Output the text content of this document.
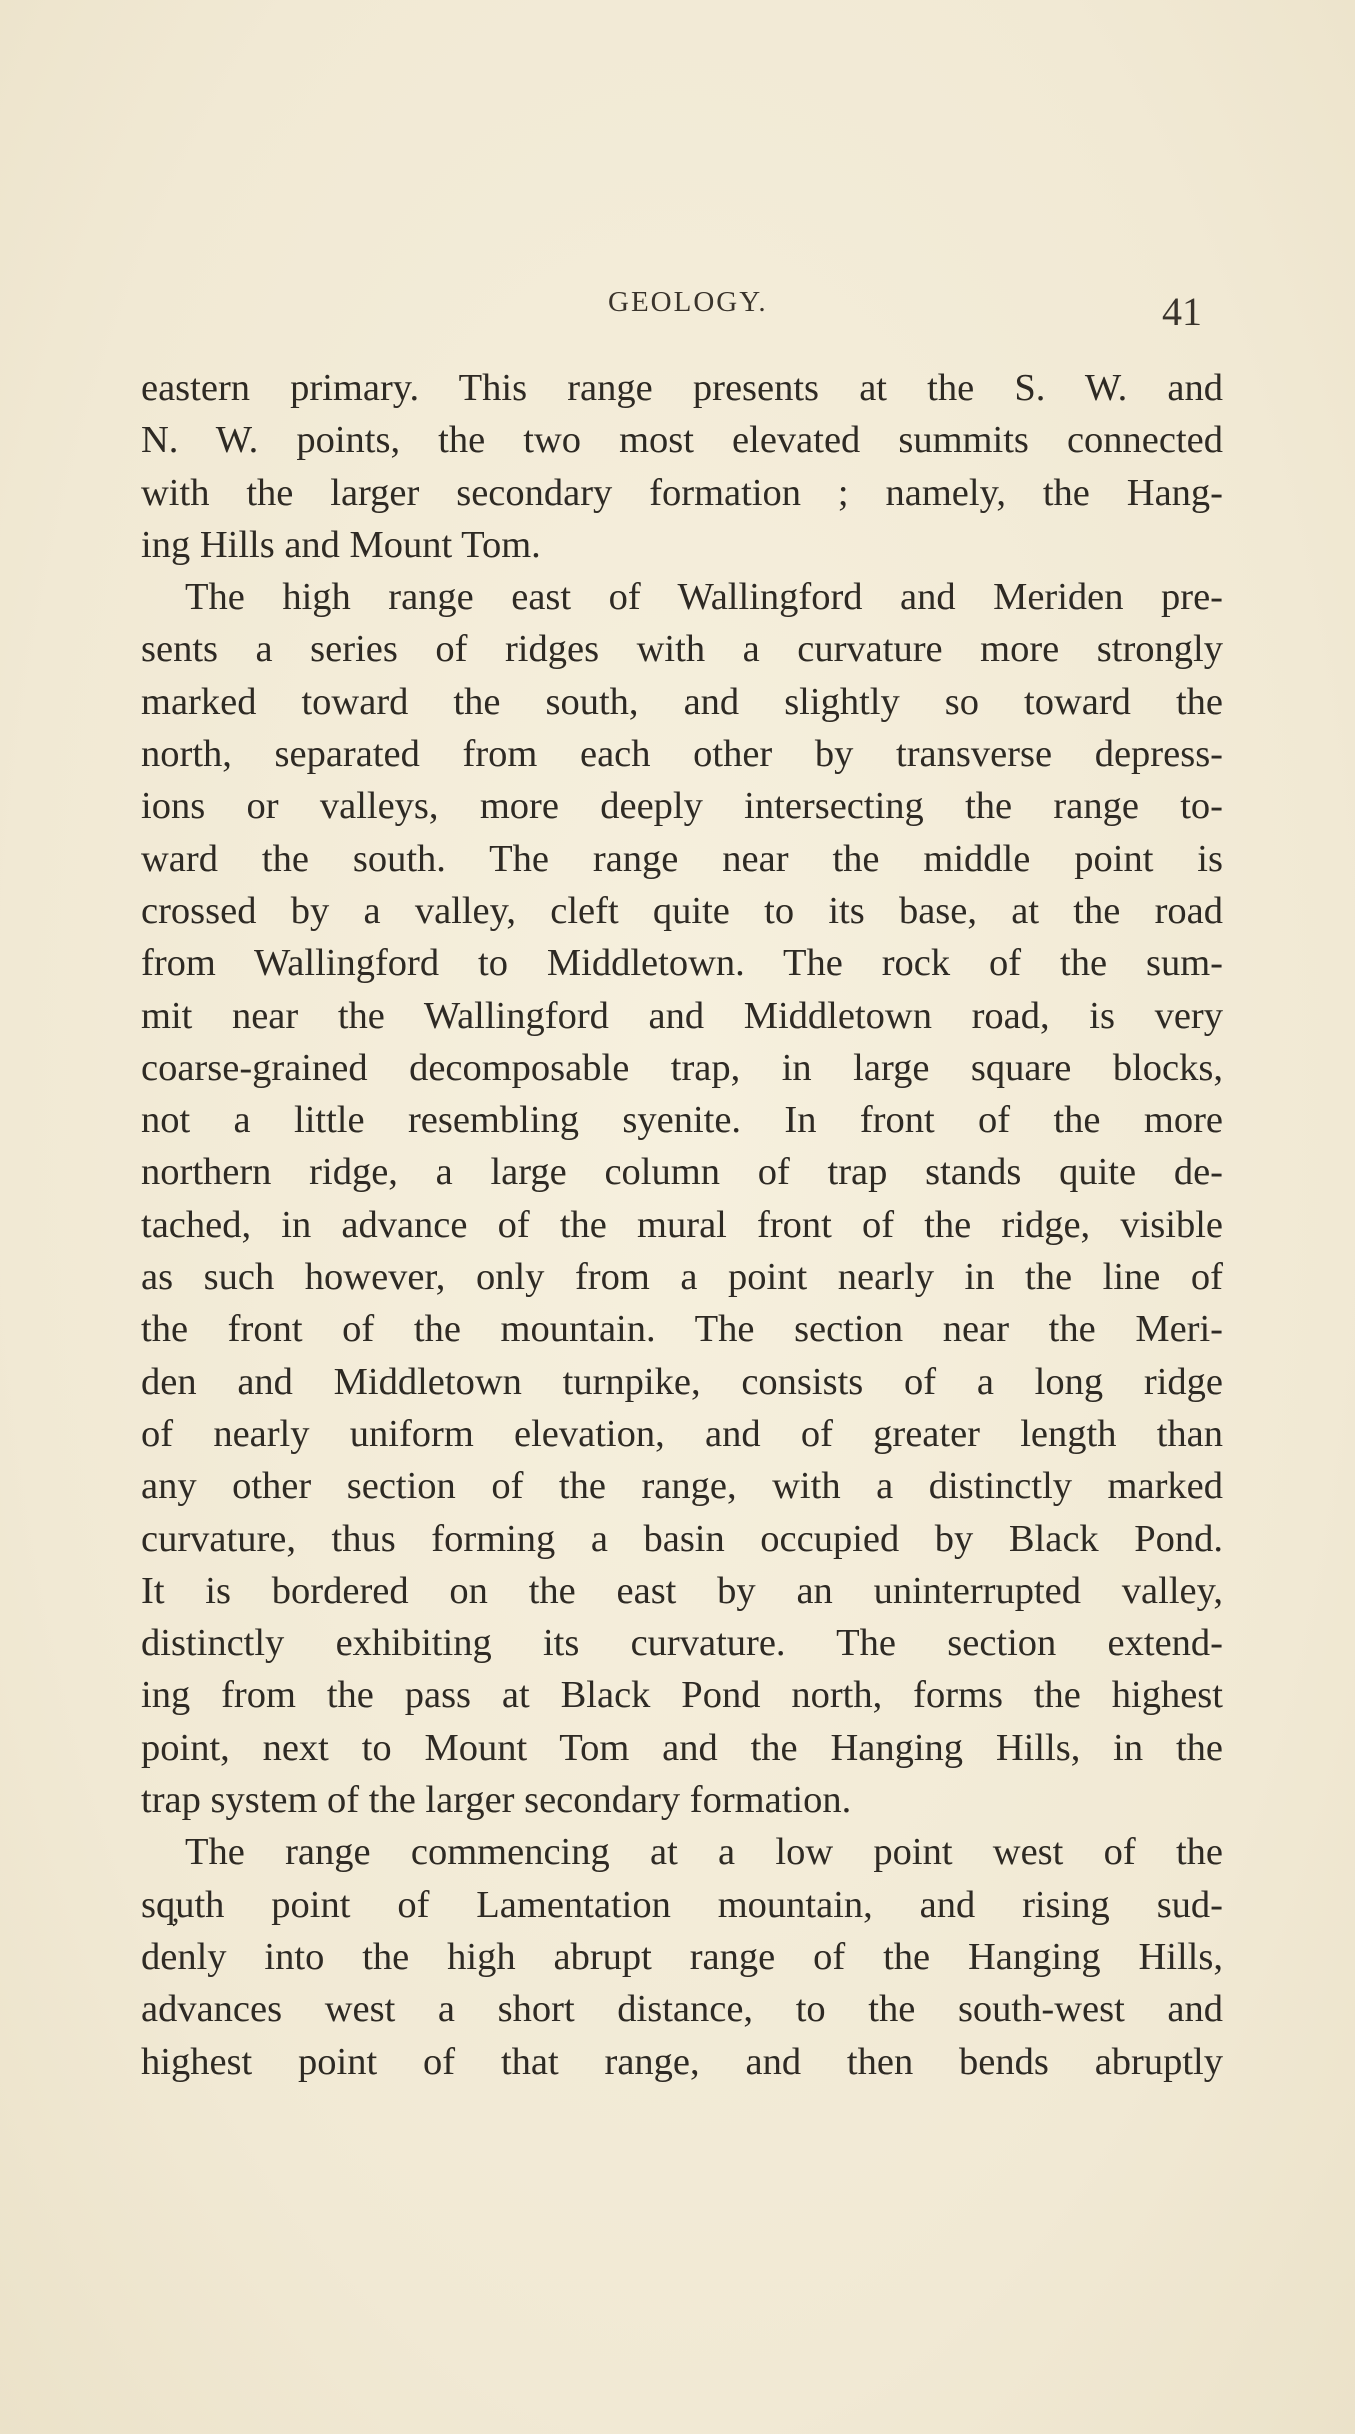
GEOLOGY.	41
eastern primary. This range presents at the S. W. and
N. W. points, the two most elevated summits connected
with the larger secondary formation ; namely, the Hang-
ing Hills and Mount Tom.
The high range east of Wallingford and Meriden pre-
sents a series of ridges with a curvature more strongly
marked toward the south, and slightly so toward the
north, separated from each other by transverse depress-
ions or valleys, more deeply intersecting the range to-
ward the south. The range near the middle point is
crossed by a valley, cleft quite to its base, at the road
from Wallingford to Middletown. The rock of the sum-
mit near the Wallingford and Middletown road, is very
coarse-grained decomposable trap, in large square blocks,
not a little resembling syenite. In front of the more
northern ridge, a large column of trap stands quite de-
tached, in advance of the mural front of the ridge, visible
as such however, only from a point nearly in the line of
the front of the mountain. The section near the Meri-
den and Middletown turnpike, consists of a long ridge
of nearly uniform elevation, and of greater length than
any other section of the range, with a distinctly marked
curvature, thus forming a basin occupied by Black Pond.
It is bordered on the east by an uninterrupted valley,
distinctly exhibiting its curvature. The section extend-
ing from the pass at Black Pond north, forms the highest
point, next to Mount Tom and the Hanging Hills, in the
trap system of the larger secondary formation.
The range commencing at a low point west of the
sq̦uth point of Lamentation mountain, and rising sud-
denly into the high abrupt range of the Hanging Hills,
advances west a short distance, to the south-west and
highest point of that range, and then bends abruptly
